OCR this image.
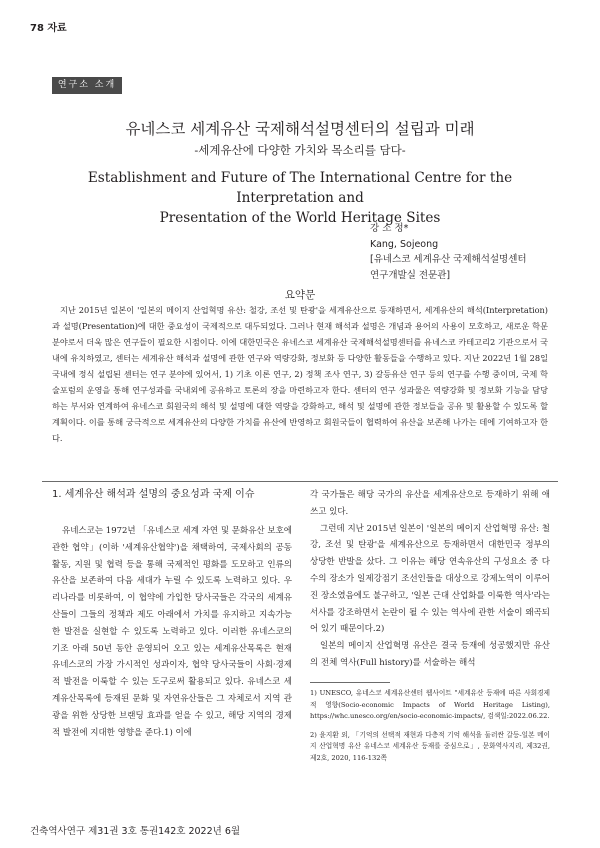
78 자료
연구소 소개
유네스코 세계유산 국제해석설명센터의 설립과 미래
-세계유산에 다양한 가치와 목소리를 담다-
Establishment and Future of The International Centre for the Interpretation and
Presentation of the World Heritage Sites
강 소 정*
Kang, Sojeong
[유네스코 세계유산 국제해석설명센터
연구개발실 전문관]
요약문
지난 2015년 일본이 '일본의 메이지 산업혁명 유산: 철강, 조선 및 탄광'을 세계유산으로 등재하면서, 세계유산의 해석(Interpretation)과 설명(Presentation)에 대한 중요성이 국제적으로 대두되었다. 그러나 현재 해석과 설명은 개념과 용어의 사용이 모호하고, 새로운 학문 분야로서 더욱 많은 연구들이 필요한 시점이다. 이에 대한민국은 유네스코 세계유산 국제해석설명센터를 유네스코 카테고리2 기관으로서 국내에 유치하였고, 센터는 세계유산 해석과 설명에 관한 연구와 역량강화, 정보화 등 다양한 활동들을 수행하고 있다. 지난 2022년 1월 28일 국내에 정식 설립된 센터는 연구 분야에 있어서, 1) 기초 이론 연구, 2) 정책 조사 연구, 3) 갈등유산 연구 등의 연구를 수행 중이며, 국제 학술포럼의 운영을 통해 연구성과를 국내외에 공유하고 토론의 장을 마련하고자 한다. 센터의 연구 성과물은 역량강화 및 정보화 기능을 담당하는 부서와 연계하여 유네스코 회원국의 해석 및 설명에 대한 역량을 강화하고, 해석 및 설명에 관한 정보들을 공유 및 활용할 수 있도록 할 계획이다. 이를 통해 궁극적으로 세계유산의 다양한 가치를 유산에 반영하고 회원국들이 협력하여 유산을 보존해 나가는 데에 기여하고자 한다.
1. 세계유산 해석과 설명의 중요성과 국제 이슈

유네스코는 1972년 「유네스코 세계 자연 및 문화유산 보호에 관한 협약」(이하 '세계유산협약')을 채택하여, 국제사회의 공동 활동, 지원 및 협력 등을 통해 국제적인 평화를 도모하고 인류의 유산을 보존하여 다음 세대가 누릴 수 있도록 노력하고 있다. 우리나라를 비롯하여, 이 협약에 가입한 당사국들은 각국의 세계유산들이 그들의 정책과 제도 아래에서 가치를 유지하고 지속가능한 발전을 실현할 수 있도록 노력하고 있다. 이러한 유네스코의 기조 아래 50년 동안 운영되어 오고 있는 세계유산목록은 현재 유네스코의 가장 가시적인 성과이자, 협약 당사국들이 사회·경제적 발전을 이룩할 수 있는 도구로써 활용되고 있다. 유네스코 세계유산목록에 등재된 문화 및 자연유산들은 그 자체로서 지역 관광을 위한 상당한 브랜딩 효과를 얻을 수 있고, 해당 지역의 경제적 발전에 지대한 영향을 준다.1) 이에

각 국가들은 해당 국가의 유산을 세계유산으로 등재하기 위해 애쓰고 있다.

그런데 지난 2015년 일본이 '일본의 메이지 산업혁명 유산: 철강, 조선 및 탄광'을 세계유산으로 등재하면서 대한민국 정부의 상당한 반발을 샀다. 그 이유는 해당 연속유산의 구성요소 중 다수의 장소가 일제강점기 조선인들을 대상으로 강제노역이 이루어진 장소였음에도 불구하고, '일본 근대 산업화를 이룩한 역사'라는 서사를 강조하면서 논란이 될 수 있는 역사에 관한 서술이 왜곡되어 있기 때문이다.2)

일본의 메이지 산업혁명 유산은 결국 등재에 성공했지만 유산의 전체 역사(Full history)를 서술하는 해석

1) UNESCO, 유네스코 세계유산센터 웹사이트 "세계유산 등재에 따른 사회경제적 영향(Socio-economic Impacts of World Heritage Listing), https://whc.unesco.org/en/socio-economic-impacts/, 검색일:2022.06.22.

2) 윤지환 외, 「기억의 선택적 재현과 다층적 기억 해석을 둘러싼 갈등-일본 메이지 산업혁명 유산 유네스코 세계유산 등재를 중심으로」, 문화역사지리, 제32권, 제2호, 2020, 116-132쪽

건축역사연구 제31권 3호 통권142호 2022년 6월
